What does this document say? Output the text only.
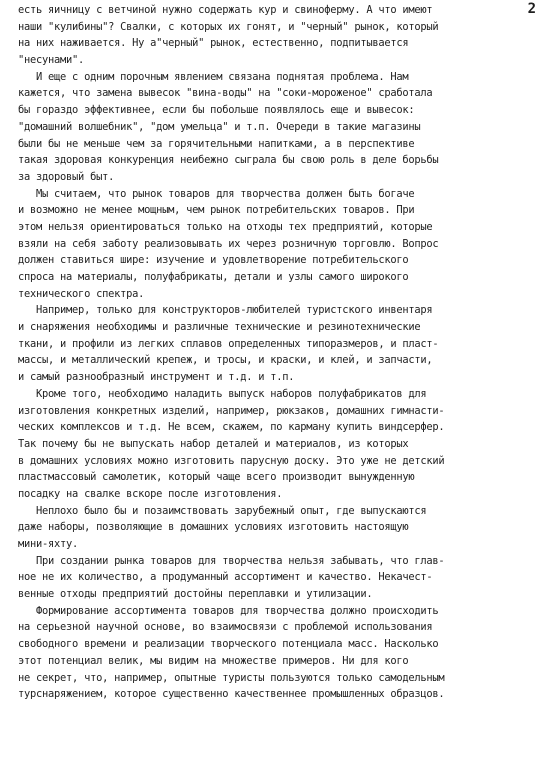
2
есть яичницу с ветчиной нужно содержать кур и свиноферму. А что имеют
наши "кулибины"? Свалки, с которых их гонят, и "черный" рынок, который
на них наживается. Ну а"черный" рынок, естественно, подпитывается
"несунами".
И еще с одним порочным явлением связана поднятая проблема. Нам
кажется, что замена вывесок "вина-воды" на "соки-мороженое" сработала
бы гораздо эффективнее, если бы побольше появлялось еще и вывесок:
"домашний волшебник", "дом умельца" и т.п. Очереди в такие магазины
были бы не меньше чем за горячительными напитками, а в перспективе
такая здоровая конкуренция неибежно сыграла бы свою роль в деле борьбы
за здоровый быт.
Мы считаем, что рынок товаров для творчества должен быть богаче
и возможно не менее мощным, чем рынок потребительских товаров. При
этом нельзя ориентироваться только на отходы тех предприятий, которые
взяли на себя заботу реализовывать их через розничную торговлю. Вопрос
должен ставиться шире: изучение и удовлетворение потребительского
спроса на материалы, полуфабрикаты, детали и узлы самого широкого
технического спектра.
Например, только для конструкторов-любителей туристского инвентаря
и снаряжения необходимы и различные технические и резинотехнические
ткани, и профили из легких сплавов определенных типоразмеров, и пласт-
массы, и металлический крепеж, и тросы, и краски, и клей, и запчасти,
и самый разнообразный инструмент и т.д. и т.п.
Кроме того, необходимо наладить выпуск наборов полуфабрикатов для
изготовления конкретных изделий, например, рюкзаков, домашних гимнасти-
ческих комплексов и т.д. Не всем, скажем, по карману купить виндсерфер.
Так почему бы не выпускать набор деталей и материалов, из которых
в домашних условиях можно изготовить парусную доску. Это уже не детский
пластмассовый самолетик, который чаще всего производит вынужденную
посадку на свалке вскоре после изготовления.
Неплохо было бы и позаимствовать зарубежный опыт, где выпускаются
даже наборы, позволяющие в домашних условиях изготовить настоящую
мини-яхту.
При создании рынка товаров для творчества нельзя забывать, что глав-
ное не их количество, а продуманный ассортимент и качество. Некачест-
венные отходы предприятий достойны переплавки и утилизации.
Формирование ассортимента товаров для творчества должно происходить
на серьезной научной основе, во взаимосвязи с проблемой использования
свободного времени и реализации творческого потенциала масс. Насколько
этот потенциал велик, мы видим на множестве примеров. Ни для кого
не секрет, что, например, опытные туристы пользуются только самодельным
турснаряжением, которое существенно качественнее промышленных образцов.
